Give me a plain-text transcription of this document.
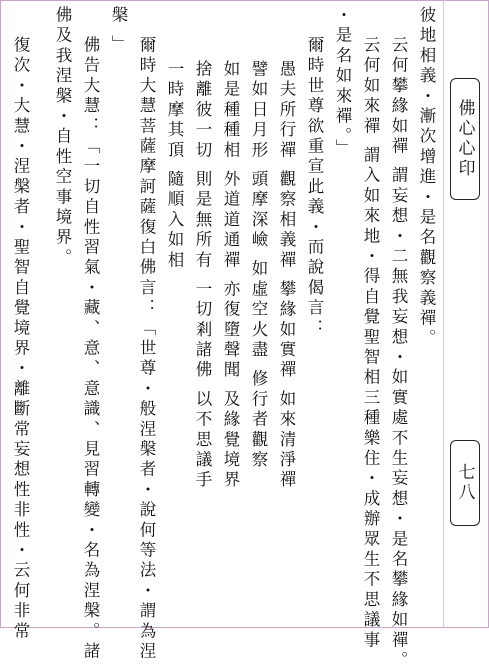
佛心心印
七八
彼地相義・漸次增進・是名觀察義禪。
云何攀緣如禪 謂妄想・二無我妄想・如實處不生妄想・是名攀緣如禪。
云何如來禪 謂入如來地・得自覺聖智相三種樂住・成辦眾生不思議事
・是名如來禪。」
爾時世尊欲重宣此義・而說偈言：
愚夫所行禪 觀察相義禪 攀緣如實禪 如來清淨禪
譬如日月形 頭摩深嶮 如虛空火盡 修行者觀察
如是種種相 外道道通禪 亦復墮聲聞 及緣覺境界
捨離彼一切 則是無所有 一切剎諸佛 以不思議手
一時摩其頂 隨順入如相
爾時大慧菩薩摩訶薩復白佛言：「世尊・般涅槃者・說何等法・謂為涅
槃 」
佛告大慧：「一切自性習氣・藏、意、意識、見習轉變・名為涅槃。諸
佛及我涅槃・自性空事境界。
復次・大慧・涅槃者・聖智自覺境界・離斷常妄想性非性・云何非常
